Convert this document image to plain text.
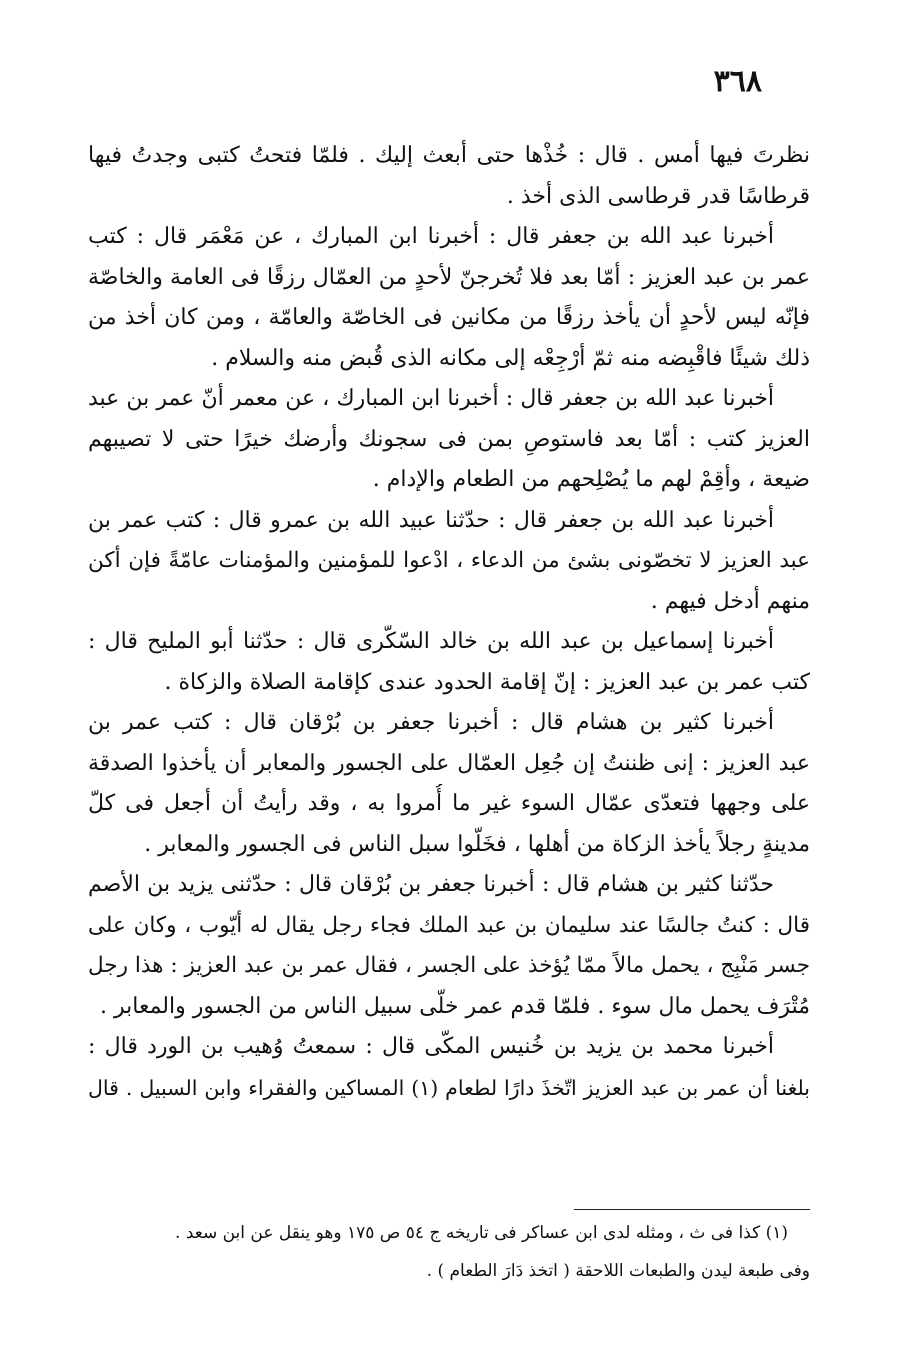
٣٦٨
نظرتَ فيها أمس . قال : خُذْها حتى أبعث إليك . فلمّا فتحتُ كتبى وجدتُ فيها
قرطاسًا قدر قرطاسى الذى أخذ .
أخبرنا عبد الله بن جعفر قال : أخبرنا ابن المبارك ، عن مَعْمَر قال : كتب
عمر بن عبد العزيز : أمّا بعد فلا تُخرجنّ لأحدٍ من العمّال رزقًا فى العامة والخاصّة
فإنّه ليس لأحدٍ أن يأخذ رزقًا من مكانين فى الخاصّة والعامّة ، ومن كان أخذ من
ذلك شيئًا فاقْبِضه منه ثمّ أرْجِعْه إلى مكانه الذى قُبض منه والسلام .
أخبرنا عبد الله بن جعفر قال : أخبرنا ابن المبارك ، عن معمر أنّ عمر بن عبد
العزيز كتب : أمّا بعد فاستوصِ بمن فى سجونك وأرضك خيرًا حتى لا تصيبهم
ضيعة ، وأقِمْ لهم ما يُصْلِحهم من الطعام والإدام .
أخبرنا عبد الله بن جعفر قال : حدّثنا عبيد الله بن عمرو قال : كتب عمر بن
عبد العزيز لا تخصّونى بشئ من الدعاء ، ادْعوا للمؤمنين والمؤمنات عامّةً فإن أكن
منهم أدخل فيهم .
أخبرنا إسماعيل بن عبد الله بن خالد السّكّرى قال : حدّثنا أبو المليح قال :
كتب عمر بن عبد العزيز : إنّ إقامة الحدود عندى كإقامة الصلاة والزكاة .
أخبرنا كثير بن هشام قال : أخبرنا جعفر بن بُرْقان قال : كتب عمر بن
عبد العزيز : إنى ظننتُ إن جُعِل العمّال على الجسور والمعابر أن يأخذوا الصدقة
على وجهها فتعدّى عمّال السوء غير ما أُمروا به ، وقد رأيتُ أن أجعل فى كلّ
مدينةٍ رجلاً يأخذ الزكاة من أهلها ، فخَلّوا سبل الناس فى الجسور والمعابر .
حدّثنا كثير بن هشام قال : أخبرنا جعفر بن بُرْقان قال : حدّثنى يزيد بن الأصم
قال : كنتُ جالسًا عند سليمان بن عبد الملك فجاء رجل يقال له أيّوب ، وكان على
جسر مَنْبِج ، يحمل مالاً ممّا يُؤخذ على الجسر ، فقال عمر بن عبد العزيز : هذا رجل
مُتْرَف يحمل مال سوء . فلمّا قدم عمر خلّى سبيل الناس من الجسور والمعابر .
أخبرنا محمد بن يزيد بن خُنيس المكّى قال : سمعتُ وُهيب بن الورد قال :
بلغنا أن عمر بن عبد العزيز اتّخذَ دارًا لطعام (١) المساكين والفقراء وابن السبيل . قال
(١) كذا فى ث ، ومثله لدى ابن عساكر فى تاريخه ج ٥٤ ص ١٧٥ وهو ينقل عن ابن سعد .
وفى طبعة ليدن والطبعات اللاحقة ( اتخذ دَارَ الطعام ) .
